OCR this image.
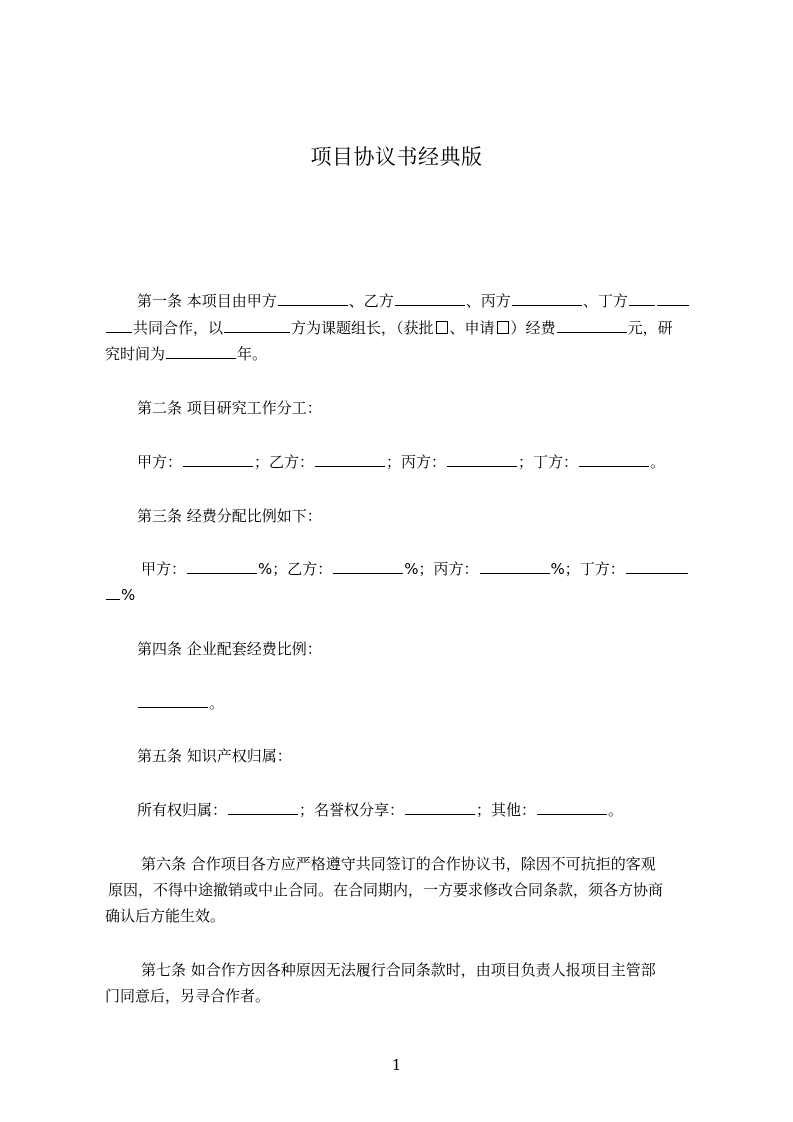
项目协议书经典版
第一条 本项目由甲方	、乙方	、丙方	、丁方
共同合作，以	方为课题组长，（获批 、申请 ）经费	元，研
究时间为	年。
第二条 项目研究工作分工：
甲方：	；乙方：	；丙方：	；丁方：	。
第三条 经费分配比例如下：
甲方：	%；乙方：	%；丙方：	%；丁方：
%
第四条 企业配套经费比例：
。
第五条 知识产权归属：
所有权归属：	；名誉权分享：	；其他：	。
第六条 合作项目各方应严格遵守共同签订的合作协议书，除因不可抗拒的客观
原因，不得中途撤销或中止合同。在合同期内，一方要求修改合同条款，须各方协商
确认后方能生效。
第七条 如合作方因各种原因无法履行合同条款时，由项目负责人报项目主管部
门同意后，另寻合作者。
1
